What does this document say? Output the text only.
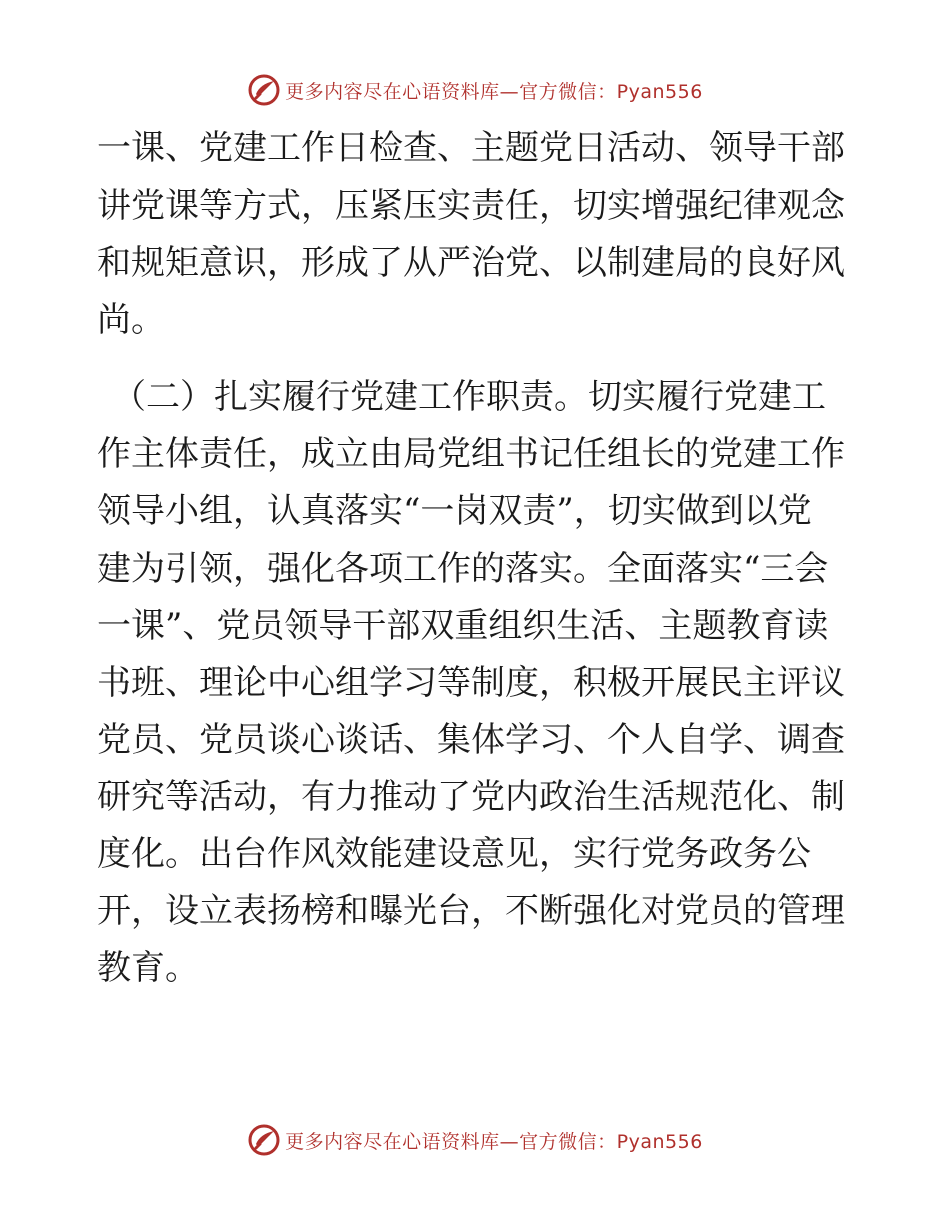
更多内容尽在心语资料库—官方微信：Pyan556
一课、党建工作日检查、主题党日活动、领导干部
讲党课等方式，压紧压实责任，切实增强纪律观念
和规矩意识，形成了从严治党、以制建局的良好风
尚。
（二）扎实履行党建工作职责。切实履行党建工
作主体责任，成立由局党组书记任组长的党建工作
领导小组，认真落实“一岗双责”，切实做到以党
建为引领，强化各项工作的落实。全面落实“三会
一课”、党员领导干部双重组织生活、主题教育读
书班、理论中心组学习等制度，积极开展民主评议
党员、党员谈心谈话、集体学习、个人自学、调查
研究等活动，有力推动了党内政治生活规范化、制
度化。出台作风效能建设意见，实行党务政务公
开，设立表扬榜和曝光台，不断强化对党员的管理
教育。
更多内容尽在心语资料库—官方微信：Pyan556
